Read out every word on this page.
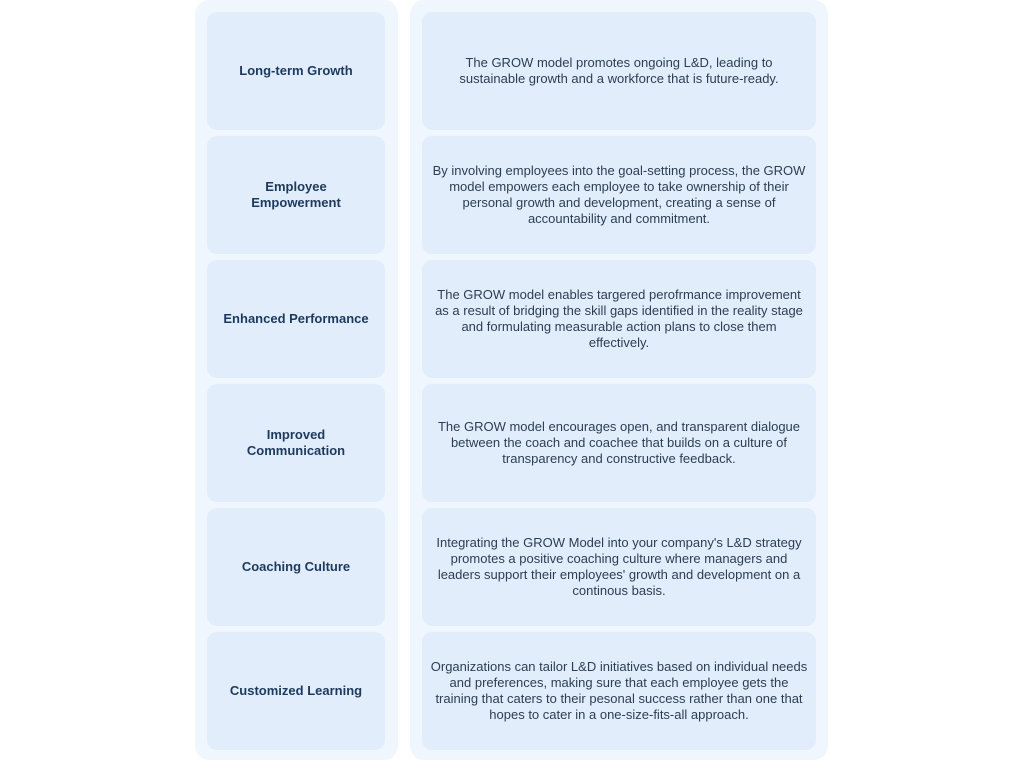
Long-term Growth
Employee Empowerment
Enhanced Performance
Improved Communication
Coaching Culture
Customized Learning
The GROW model promotes ongoing L&D, leading to sustainable growth and a workforce that is future-ready.
By involving employees into the goal-setting process, the GROW model empowers each employee to take ownership of their personal growth and development, creating a sense of accountability and commitment.
The GROW model enables targered perofrmance improvement as a result of bridging the skill gaps identified in the reality stage and formulating measurable action plans to close them effectively.
The GROW model encourages open, and transparent dialogue between the coach and coachee that builds on a culture of transparency and constructive feedback.
Integrating the GROW Model into your company's L&D strategy promotes a positive coaching culture where managers and leaders support their employees' growth and development on a continous basis.
Organizations can tailor L&D initiatives based on individual needs and preferences, making sure that each employee gets the training that caters to their pesonal success rather than one that hopes to cater in a one-size-fits-all approach.
